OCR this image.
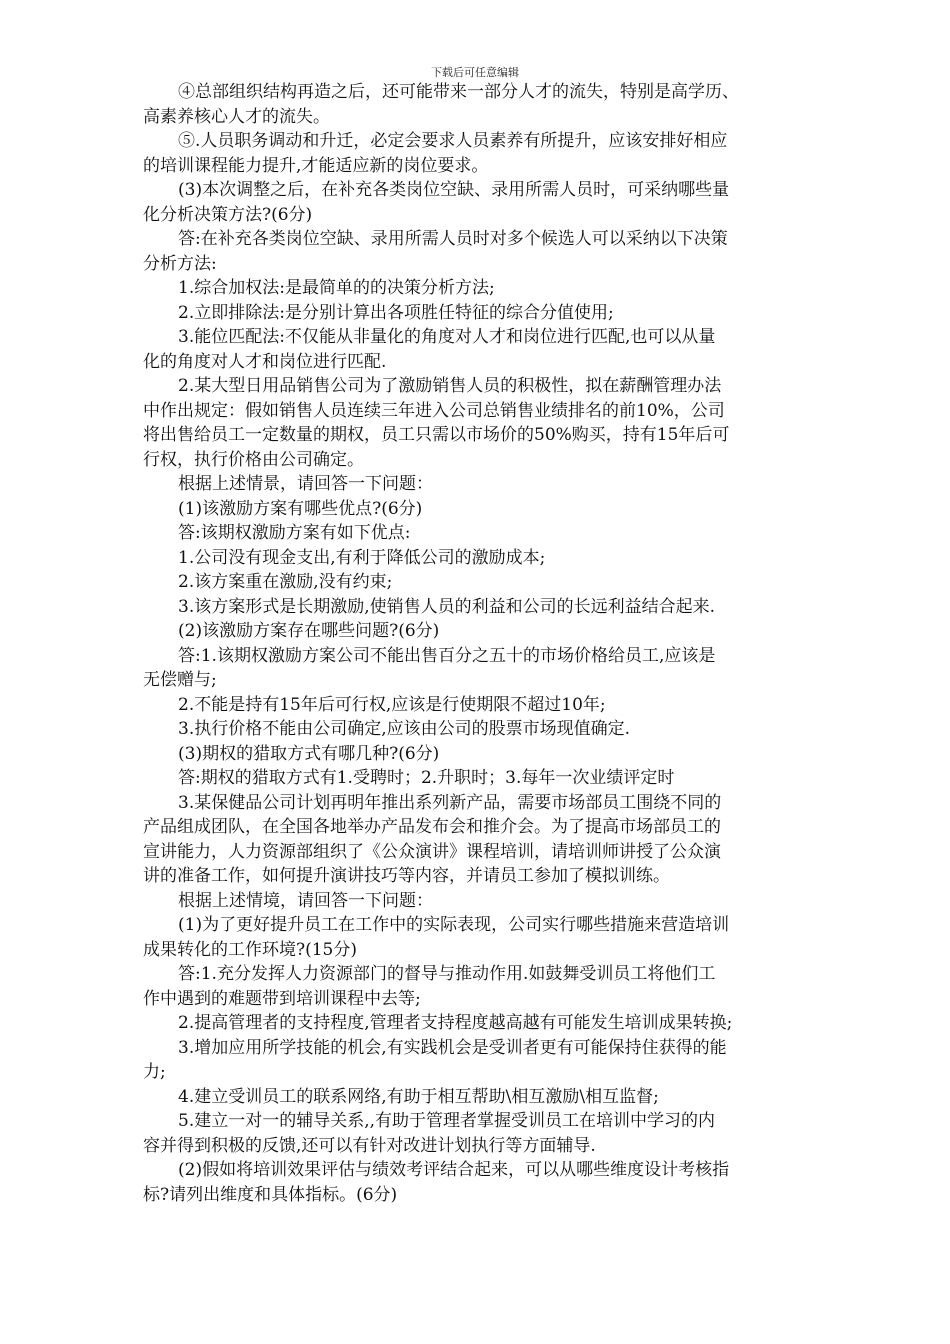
下载后可任意编辑
④总部组织结构再造之后，还可能带来一部分人才的流失，特别是高学历、
高素养核心人才的流失。
⑤.人员职务调动和升迁，必定会要求人员素养有所提升，应该安排好相应
的培训课程能力提升,才能适应新的岗位要求。
(3)本次调整之后，在补充各类岗位空缺、录用所需人员时，可采纳哪些量
化分析决策方法?(6分)
答:在补充各类岗位空缺、录用所需人员时对多个候选人可以采纳以下决策
分析方法:
1.综合加权法:是最简单的的决策分析方法;
2.立即排除法:是分别计算出各项胜任特征的综合分值使用;
3.能位匹配法:不仅能从非量化的角度对人才和岗位进行匹配,也可以从量
化的角度对人才和岗位进行匹配.
2.某大型日用品销售公司为了激励销售人员的积极性，拟在薪酬管理办法
中作出规定：假如销售人员连续三年进入公司总销售业绩排名的前10%，公司
将出售给员工一定数量的期权，员工只需以市场价的50%购买，持有15年后可
行权，执行价格由公司确定。
根据上述情景，请回答一下问题：
(1)该激励方案有哪些优点?(6分)
答:该期权激励方案有如下优点:
1.公司没有现金支出,有利于降低公司的激励成本;
2.该方案重在激励,没有约束;
3.该方案形式是长期激励,使销售人员的利益和公司的长远利益结合起来.
(2)该激励方案存在哪些问题?(6分)
答:1.该期权激励方案公司不能出售百分之五十的市场价格给员工,应该是
无偿赠与;
2.不能是持有15年后可行权,应该是行使期限不超过10年;
3.执行价格不能由公司确定,应该由公司的股票市场现值确定.
(3)期权的猎取方式有哪几种?(6分)
答:期权的猎取方式有1.受聘时；2.升职时；3.每年一次业绩评定时
3.某保健品公司计划再明年推出系列新产品，需要市场部员工围绕不同的
产品组成团队，在全国各地举办产品发布会和推介会。为了提高市场部员工的
宣讲能力，人力资源部组织了《公众演讲》课程培训，请培训师讲授了公众演
讲的准备工作，如何提升演讲技巧等内容，并请员工参加了模拟训练。
根据上述情境，请回答一下问题：
(1)为了更好提升员工在工作中的实际表现，公司实行哪些措施来营造培训
成果转化的工作环境?(15分)
答:1.充分发挥人力资源部门的督导与推动作用.如鼓舞受训员工将他们工
作中遇到的难题带到培训课程中去等;
2.提高管理者的支持程度,管理者支持程度越高越有可能发生培训成果转换;
3.增加应用所学技能的机会,有实践机会是受训者更有可能保持住获得的能
力;
4.建立受训员工的联系网络,有助于相互帮助\相互激励\相互监督;
5.建立一对一的辅导关系,,有助于管理者掌握受训员工在培训中学习的内
容并得到积极的反馈,还可以有针对改进计划执行等方面辅导.
(2)假如将培训效果评估与绩效考评结合起来，可以从哪些维度设计考核指
标?请列出维度和具体指标。(6分)
